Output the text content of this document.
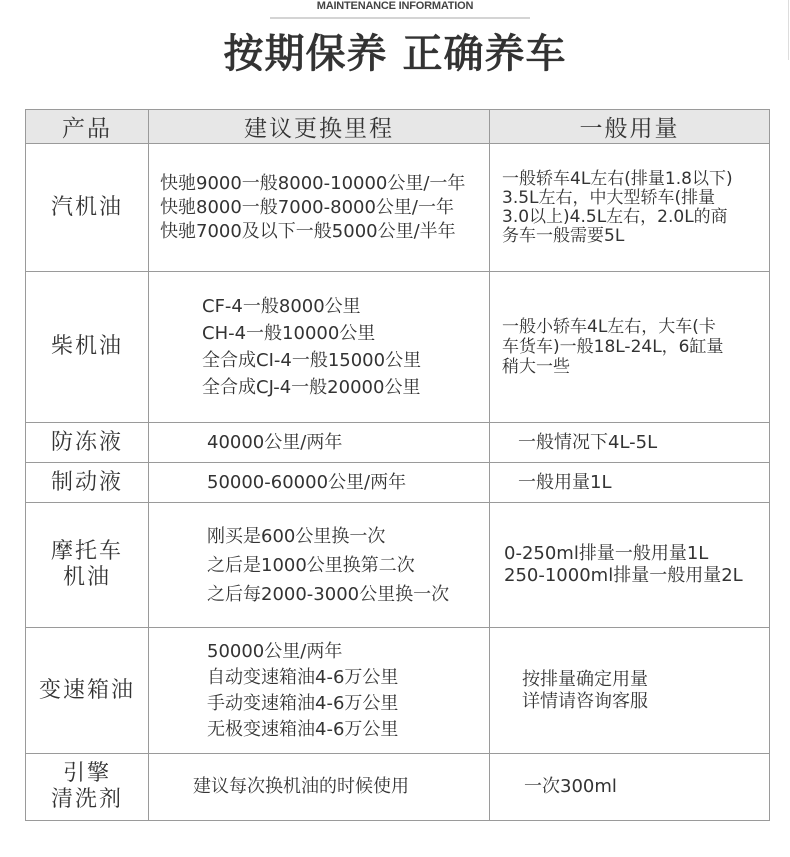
MAINTENANCE INFORMATION
按期保养 正确养车
产品	建议更换里程	一般用量

汽机油	快驰9000一般8000-10000公里/一年
快驰8000一般7000-8000公里/一年
快驰7000及以下一般5000公里/半年	一般轿车4L左右(排量1.8以下)
3.5L左右，中大型轿车(排量
3.0以上)4.5L左右，2.0L的商
务车一般需要5L

柴机油	CF-4一般8000公里
CH-4一般10000公里
全合成CI-4一般15000公里
全合成CJ-4一般20000公里	一般小轿车4L左右，大车(卡
车货车)一般18L-24L，6缸量
稍大一些

防冻液	40000公里/两年	一般情况下4L-5L

制动液	50000-60000公里/两年	一般用量1L

摩托车
机油	刚买是600公里换一次
之后是1000公里换第二次
之后每2000-3000公里换一次	0-250ml排量一般用量1L
250-1000ml排量一般用量2L

变速箱油	50000公里/两年
自动变速箱油4-6万公里
手动变速箱油4-6万公里
无极变速箱油4-6万公里	按排量确定用量
详情请咨询客服

引擎
清洗剂	建议每次换机油的时候使用	一次300ml
